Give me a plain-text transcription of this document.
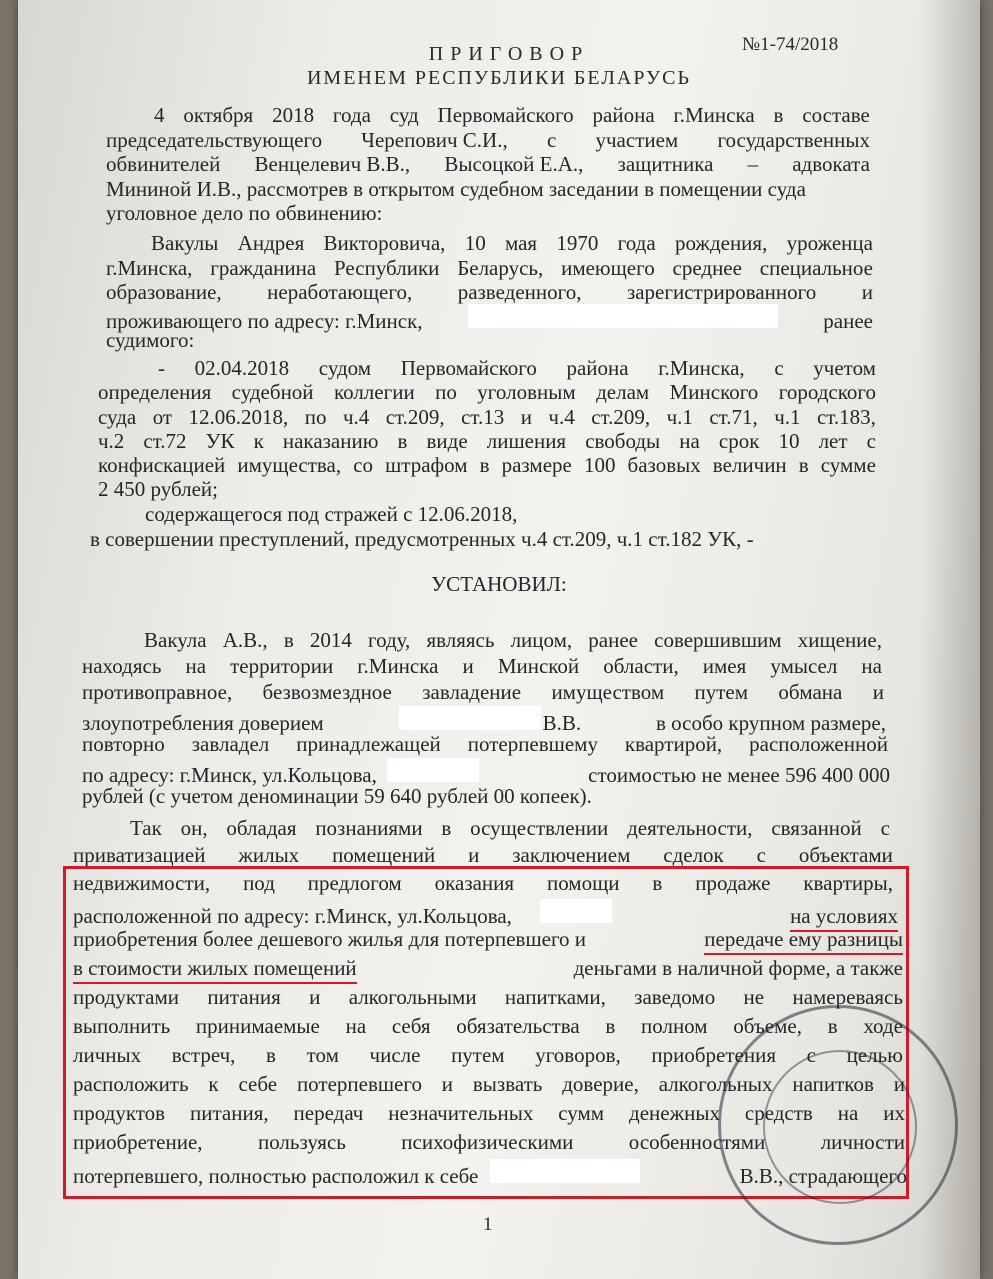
№1-74/2018
ПРИГОВОР
ИМЕНЕМ РЕСПУБЛИКИ БЕЛАРУСЬ
4 октября 2018 года суд Первомайского района г.Минска в составе
председательствующего Черепович С.И., с участием государственных
обвинителей Венцелевич В.В., Высоцкой Е.А., защитника – адвоката
Мининой И.В., рассмотрев в открытом судебном заседании в помещении суда
уголовное дело по обвинению:
Вакулы Андрея Викторовича, 10 мая 1970 года рождения, уроженца
г.Минска, гражданина Республики Беларусь, имеющего среднее специальное
образование, неработающего, разведенного, зарегистрированного и
проживающего по адресу: г.Минск,	ранее
судимого:
- 02.04.2018 судом Первомайского района г.Минска, с учетом
определения судебной коллегии по уголовным делам Минского городского
суда от 12.06.2018, по ч.4 ст.209, ст.13 и ч.4 ст.209, ч.1 ст.71, ч.1 ст.183,
ч.2 ст.72 УК к наказанию в виде лишения свободы на срок 10 лет с
конфискацией имущества, со штрафом в размере 100 базовых величин в сумме
2 450 рублей;
содержащегося под стражей с 12.06.2018,
в совершении преступлений, предусмотренных ч.4 ст.209, ч.1 ст.182 УК, -
УСТАНОВИЛ:
Вакула А.В., в 2014 году, являясь лицом, ранее совершившим хищение,
находясь на территории г.Минска и Минской области, имея умысел на
противоправное, безвозмездное завладение имуществом путем обмана и
злоупотребления доверием	В.В.	в особо крупном размере,
повторно завладел принадлежащей потерпевшему квартирой, расположенной
по адресу: г.Минск, ул.Кольцова,	стоимостью не менее 596 400 000
рублей (с учетом деноминации 59 640 рублей 00 копеек).
Так он, обладая познаниями в осуществлении деятельности, связанной с
приватизацией жилых помещений и заключением сделок с объектами
недвижимости, под предлогом оказания помощи в продаже квартиры,
расположенной по адресу: г.Минск, ул.Кольцова,	на условиях
приобретения более дешевого жилья для потерпевшего и	передаче ему разницы
в стоимости жилых помещений	деньгами в наличной форме, а также
продуктами питания и алкогольными напитками, заведомо не намереваясь
выполнить принимаемые на себя обязательства в полном объеме, в ходе
личных встреч, в том числе путем уговоров, приобретения с целью
расположить к себе потерпевшего и вызвать доверие, алкогольных напитков и
продуктов питания, передач незначительных сумм денежных средств на их
приобретение,	пользуясь	психофизическими	особенностями	личности
потерпевшего, полностью расположил к себе	В.В., страдающего
1
